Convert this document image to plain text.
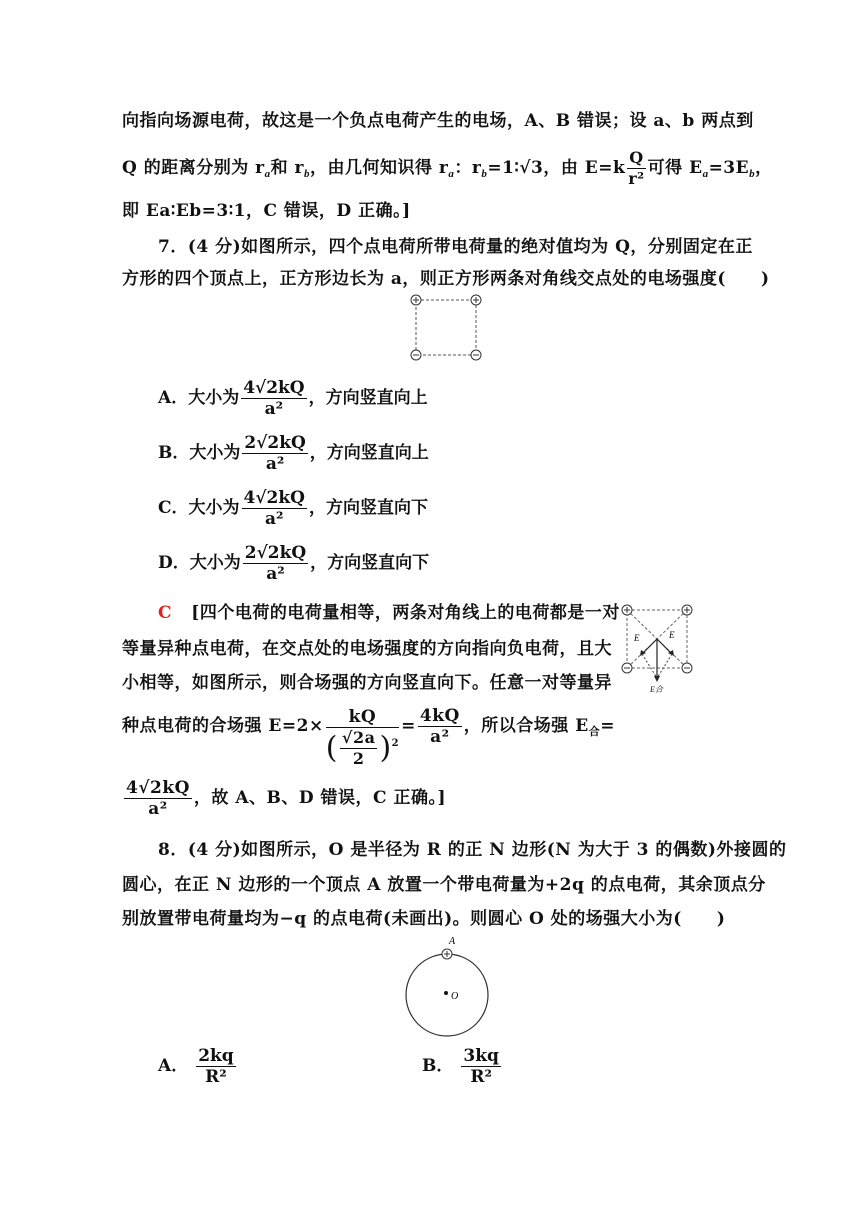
向指向场源电荷，故这是一个负点电荷产生的电场，A、B 错误；设 a、b 两点到
Q 的距离分别为 $r_a$和 $r_b$，由几何知识得 $r_a$：$r_b=1∶√3$，由 $E=k \frac{Q}{\text{r²}}$ 可得 $E_a=3E_b$，
即 Ea∶Eb=3∶1，C 错误，D 正确。]
7．(4 分)如图所示，四个点电荷所带电荷量的绝对值均为 Q，分别固定在正
方形的四个顶点上，正方形边长为 a，则正方形两条对角线交点处的电场强度(　　)
A．大小为 $\frac{4√2kQ}{\text{a²}}$ ，方向竖直向上
B．大小为 $\frac{2√2kQ}{\text{a²}}$ ，方向竖直向上
C．大小为 $\frac{4√2kQ}{\text{a²}}$ ，方向竖直向下
D．大小为 $\frac{2√2kQ}{\text{a²}}$ ，方向竖直向下
C [四个电荷的电荷量相等，两条对角线上的电荷都是一对
等量异种点电荷，在交点处的电场强度的方向指向负电荷，且大
小相等，如图所示，则合场强的方向竖直向下。任意一对等量异
E	E
E合
种点电荷的合场强 $E=2\times \frac{kQ}{( \frac{√2a}{2} )^2} = \frac{4kQ}{\text{a²}}$ ，所以合场强 $E_合=$
$\frac{4√2kQ}{\text{a²}}$ ，故 A、B、D 错误，C 正确。]
8．(4 分)如图所示，O 是半径为 R 的正 N 边形(N 为大于 3 的偶数)外接圆的
圆心，在正 N 边形的一个顶点 A 放置一个带电荷量为+2q 的点电荷，其余顶点分
别放置带电荷量均为−q 的点电荷(未画出)。则圆心 O 处的场强大小为(　　)
A
O
A． $\frac{2kq}{\text{R²}}$	B． $\frac{3kq}{\text{R²}}$
